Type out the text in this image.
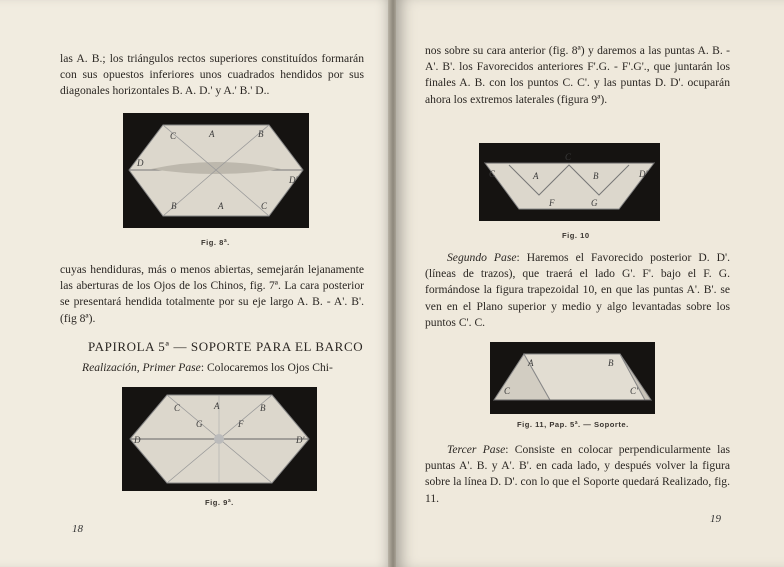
las A. B.; los triángulos rectos superiores constituídos formarán con sus opuestos inferiores unos cuadrados hendidos por sus diagonales horizontales B. A. D.' y A.' B.' D..

C	A	B
D
D'
B	A	C
Fig. 8ª.

cuyas hendiduras, más o menos abiertas, semejarán lejanamente las aberturas de los Ojos de los Chinos, fig. 7ª. La cara posterior se presentará hendida totalmente por su eje largo A. B. - A'. B'. (fig 8ª).

PAPIROLA 5ª — SOPORTE PARA EL BARCO

Realización, Primer Pase: Colocaremos los Ojos Chi-

D	D'
C	A	B
G	F
Fig. 9ª.
18

nos sobre su cara anterior (fig. 8ª) y daremos a las puntas A. B. - A'. B'. los Favorecidos anteriores F'.G. - F'.G'., que juntarán los finales A. B. con los puntos C. C'. y las puntas D. D'. ocuparán ahora los extremos laterales (figura 9ª).

C	D'
A	B
C
F	G
Fig. 10

Segundo Pase: Haremos el Favorecido posterior D. D'. (líneas de trazos), que traerá el lado G'. F'. bajo el F. G. formándose la figura trapezoidal 10, en que las puntas A'. B'. se ven en el Plano superior y medio y algo levantadas sobre los puntos C'. C.

A	B
C	C'
Fig. 11, Pap. 5ª. — Soporte.

Tercer Pase: Consiste en colocar perpendicularmente las puntas A'. B. y A'. B'. en cada lado, y después volver la figura sobre la línea D. D'. con lo que el Soporte quedará Realizado, fig. 11.

19
